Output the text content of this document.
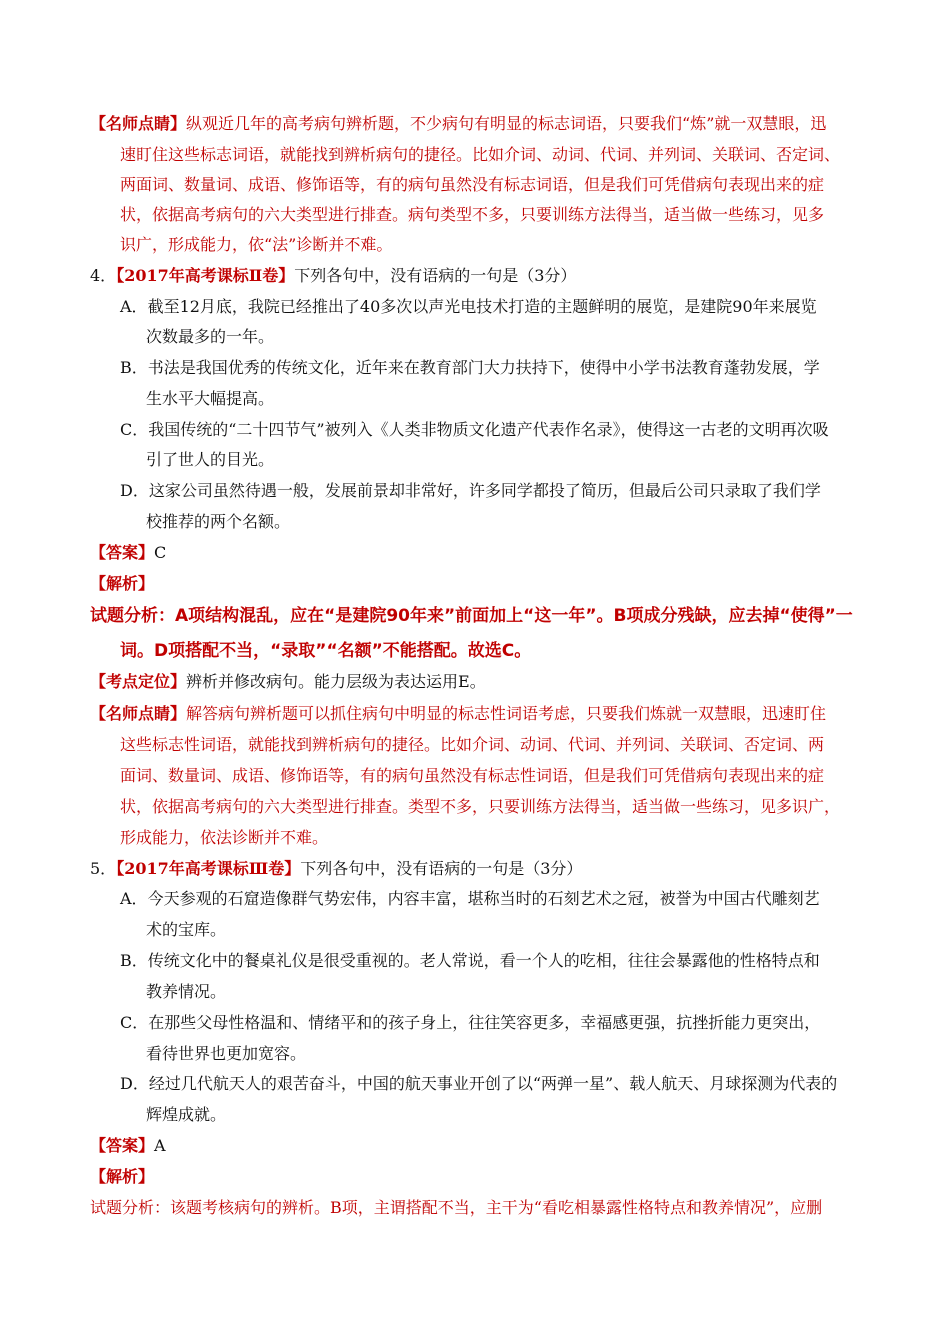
【名师点睛】纵观近几年的高考病句辨析题，不少病句有明显的标志词语，只要我们“炼”就一双慧眼，迅
速盯住这些标志词语，就能找到辨析病句的捷径。比如介词、动词、代词、并列词、关联词、否定词、
两面词、数量词、成语、修饰语等，有的病句虽然没有标志词语，但是我们可凭借病句表现出来的症
状，依据高考病句的六大类型进行排查。病句类型不多，只要训练方法得当，适当做一些练习，见多
识广，形成能力，依“法”诊断并不难。
4．【2017年高考课标Ⅱ卷】下列各句中，没有语病的一句是（3分）
A．截至12月底，我院已经推出了40多次以声光电技术打造的主题鲜明的展览，是建院90年来展览
次数最多的一年。
B．书法是我国优秀的传统文化，近年来在教育部门大力扶持下，使得中小学书法教育蓬勃发展，学
生水平大幅提高。
C．我国传统的“二十四节气”被列入《人类非物质文化遗产代表作名录》，使得这一古老的文明再次吸
引了世人的目光。
D．这家公司虽然待遇一般，发展前景却非常好，许多同学都投了简历，但最后公司只录取了我们学
校推荐的两个名额。
【答案】C
【解析】
试题分析：A项结构混乱，应在“是建院90年来”前面加上“这一年”。B项成分残缺，应去掉“使得”一
词。D项搭配不当，“录取”“名额”不能搭配。故选C。
【考点定位】辨析并修改病句。能力层级为表达运用E。
【名师点睛】解答病句辨析题可以抓住病句中明显的标志性词语考虑，只要我们炼就一双慧眼，迅速盯住
这些标志性词语，就能找到辨析病句的捷径。比如介词、动词、代词、并列词、关联词、否定词、两
面词、数量词、成语、修饰语等，有的病句虽然没有标志性词语，但是我们可凭借病句表现出来的症
状，依据高考病句的六大类型进行排查。类型不多，只要训练方法得当，适当做一些练习，见多识广，
形成能力，依法诊断并不难。
5．【2017年高考课标Ⅲ卷】下列各句中，没有语病的一句是（3分）
A．今天参观的石窟造像群气势宏伟，内容丰富，堪称当时的石刻艺术之冠，被誉为中国古代雕刻艺
术的宝库。
B．传统文化中的餐桌礼仪是很受重视的。老人常说，看一个人的吃相，往往会暴露他的性格特点和
教养情况。
C．在那些父母性格温和、情绪平和的孩子身上，往往笑容更多，幸福感更强，抗挫折能力更突出，
看待世界也更加宽容。
D．经过几代航天人的艰苦奋斗，中国的航天事业开创了以“两弹一星”、载人航天、月球探测为代表的
辉煌成就。
【答案】A
【解析】
试题分析：该题考核病句的辨析。B项，主谓搭配不当，主干为“看吃相暴露性格特点和教养情况”，应删
